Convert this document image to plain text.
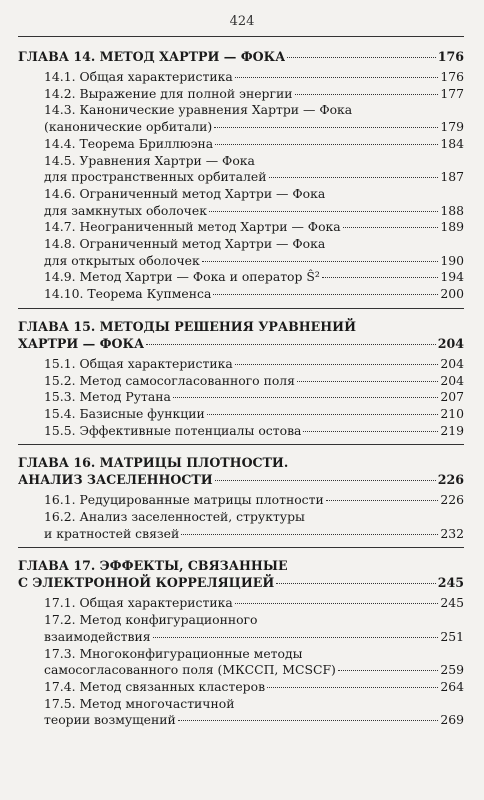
424
ГЛАВА 14. МЕТОД ХАРТРИ — ФОКА	176
14.1. Общая характеристика	176
14.2. Выражение для полной энергии	177
14.3. Канонические уравнения Хартри — Фока
(канонические орбитали)	179
14.4. Теорема Бриллюэна	184
14.5. Уравнения Хартри — Фока
для пространственных орбиталей	187
14.6. Ограниченный метод Хартри — Фока
для замкнутых оболочек	188
14.7. Неограниченный метод Хартри — Фока	189
14.8. Ограниченный метод Хартри — Фока
для открытых оболочек	190
14.9. Метод Хартри — Фока и оператор Ŝ²	194
14.10. Теорема Купменса	200
ГЛАВА 15. МЕТОДЫ РЕШЕНИЯ УРАВНЕНИЙ
ХАРТРИ — ФОКА	204
15.1. Общая характеристика	204
15.2. Метод самосогласованного поля	204
15.3. Метод Рутана	207
15.4. Базисные функции	210
15.5. Эффективные потенциалы остова	219
ГЛАВА 16. МАТРИЦЫ ПЛОТНОСТИ.
АНАЛИЗ ЗАСЕЛЕННОСТИ	226
16.1. Редуцированные матрицы плотности	226
16.2. Анализ заселенностей, структуры
и кратностей связей	232
ГЛАВА 17. ЭФФЕКТЫ, СВЯЗАННЫЕ
С ЭЛЕКТРОННОЙ КОРРЕЛЯЦИЕЙ	245
17.1. Общая характеристика	245
17.2. Метод конфигурационного
взаимодействия	251
17.3. Многоконфигурационные методы
самосогласованного поля (МКССП, MCSCF)	259
17.4. Метод связанных кластеров	264
17.5. Метод многочастичной
теории возмущений	269
